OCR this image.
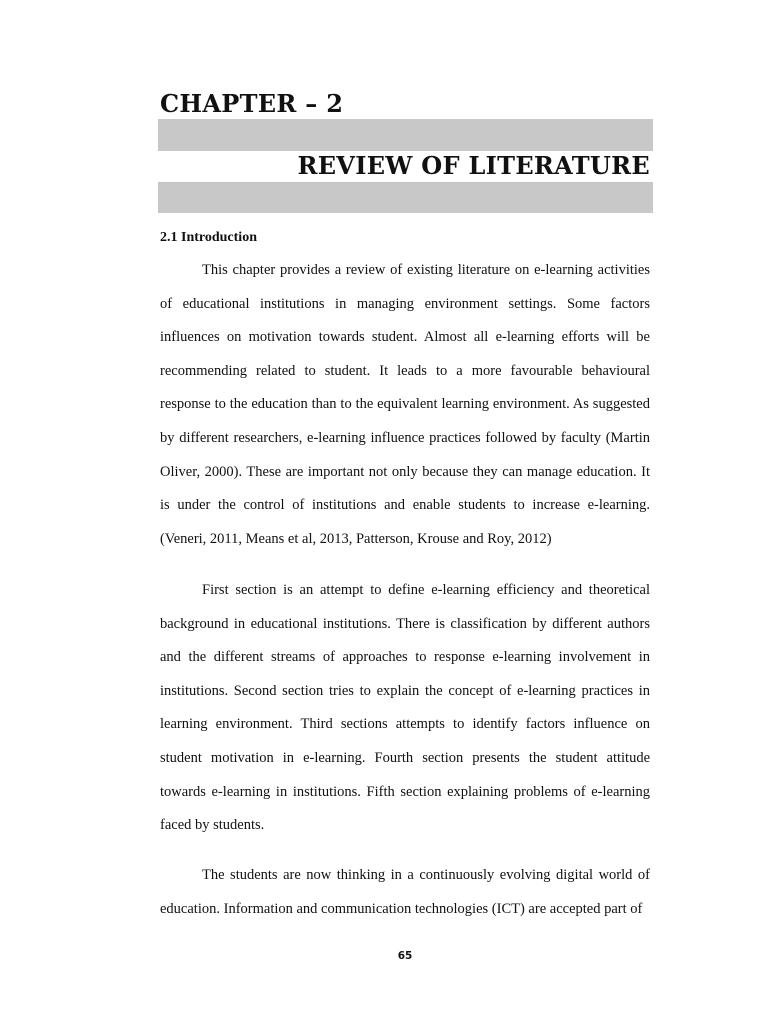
CHAPTER – 2
REVIEW OF LITERATURE
2.1 Introduction

This chapter provides a review of existing literature on e-learning activities of educational institutions in managing environment settings. Some factors influences on motivation towards student. Almost all e-learning efforts will be recommending related to student. It leads to a more favourable behavioural response to the education than to the equivalent learning environment. As suggested by different researchers, e-learning influence practices followed by faculty (Martin Oliver, 2000). These are important not only because they can manage education. It is under the control of institutions and enable students to increase e-learning. (Veneri, 2011, Means et al, 2013, Patterson, Krouse and Roy, 2012)

First section is an attempt to define e-learning efficiency and theoretical background in educational institutions. There is classification by different authors and the different streams of approaches to response e-learning involvement in institutions. Second section tries to explain the concept of e-learning practices in learning environment. Third sections attempts to identify factors influence on student motivation in e-learning. Fourth section presents the student attitude towards e-learning in institutions. Fifth section explaining problems of e-learning faced by students.

The students are now thinking in a continuously evolving digital world of education. Information and communication technologies (ICT) are accepted part of

65
